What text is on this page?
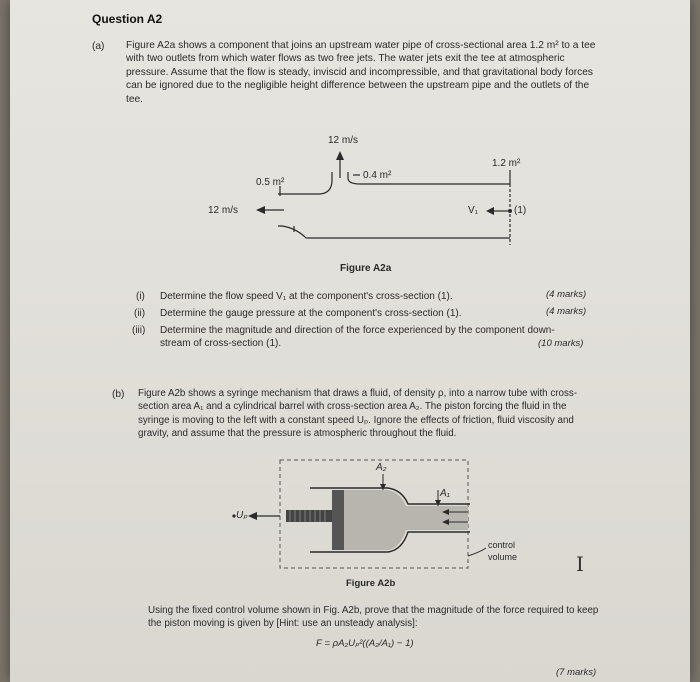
Question A2
(a) Figure A2a shows a component that joins an upstream water pipe of cross-sectional area 1.2 m² to a tee with two outlets from which water flows as two free jets. The water jets exit the tee at atmospheric pressure. Assume that the flow is steady, inviscid and incompressible, and that gravitational body forces can be ignored due to the negligible height difference between the upstream pipe and the outlets of the tee.
12 m/s
0.5 m²
0.4 m²
1.2 m²
12 m/s	V₁	(1)
Figure A2a
(i) Determine the flow speed V₁ at the component's cross-section (1).	(4 marks)
(ii) Determine the gauge pressure at the component's cross-section (1).	(4 marks)
(iii) Determine the magnitude and direction of the force experienced by the component down-
stream of cross-section (1).	(10 marks)
(b) Figure A2b shows a syringe mechanism that draws a fluid, of density ρ, into a narrow tube with cross-section area A₁ and a cylindrical barrel with cross-section area A₂. The piston forcing the fluid in the syringe is moving to the left with a constant speed Uₚ. Ignore the effects of friction, fluid viscosity and gravity, and assume that the pressure is atmospheric throughout the fluid.
A₂
A₁
Uₚ
control
volume
Figure A2b
I
Using the fixed control volume shown in Fig. A2b, prove that the magnitude of the force required to keep the piston moving is given by [Hint: use an unsteady analysis]:
F = ρA₂Uₚ²((A₂/A₁) − 1)
(7 marks)
